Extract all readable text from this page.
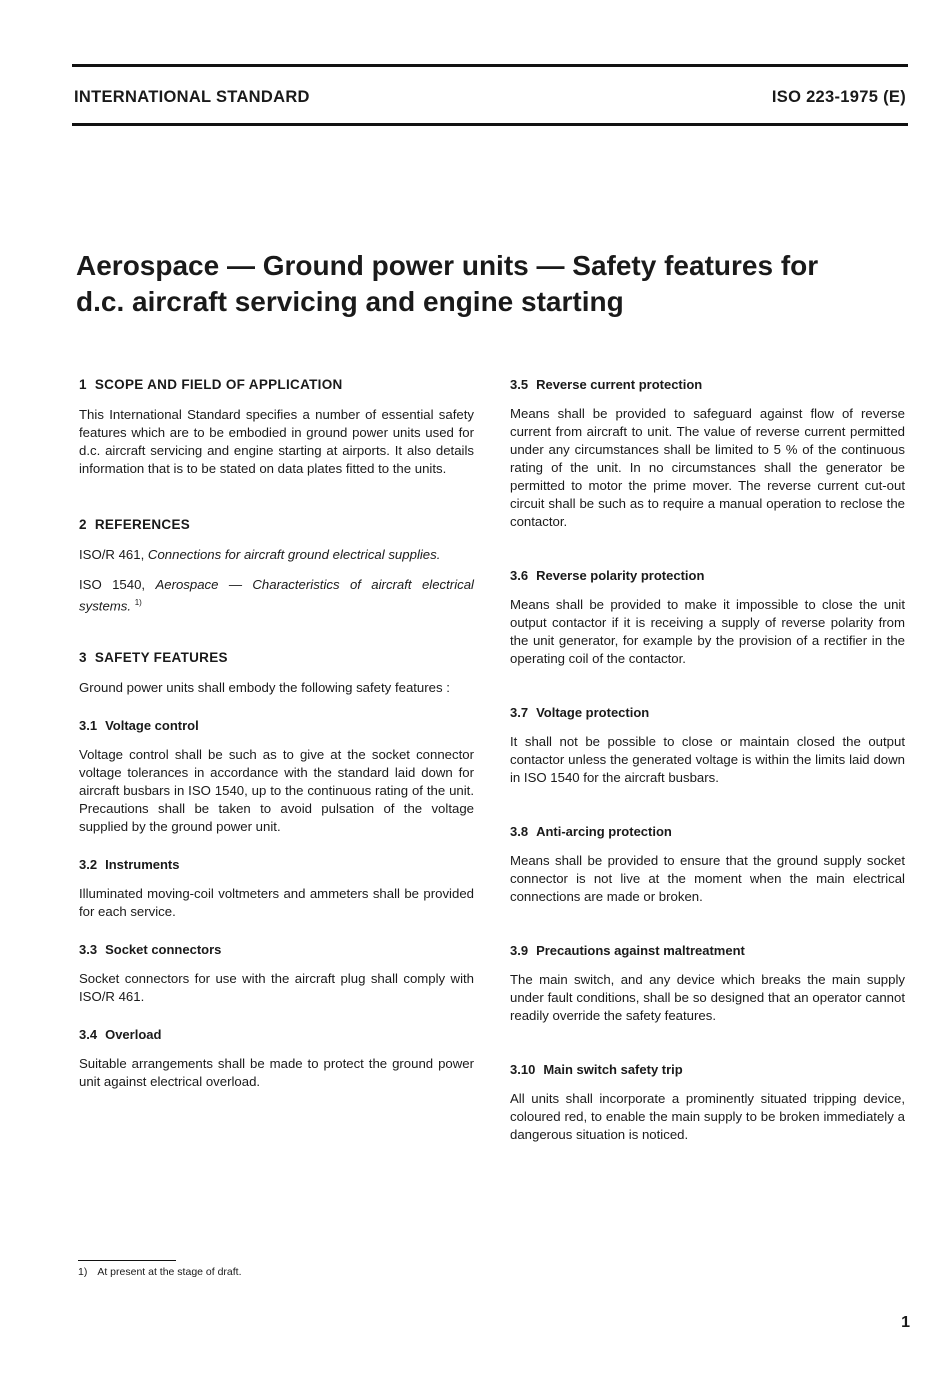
INTERNATIONAL STANDARD	ISO 223-1975 (E)
Aerospace — Ground power units — Safety features for
d.c. aircraft servicing and engine starting
1 SCOPE AND FIELD OF APPLICATION

This International Standard specifies a number of essential safety features which are to be embodied in ground power units used for d.c. aircraft servicing and engine starting at airports. It also details information that is to be stated on data plates fitted to the units.

2 REFERENCES

ISO/R 461, Connections for aircraft ground electrical supplies.

ISO 1540, Aerospace — Characteristics of aircraft electrical systems. $^{1)}$

3 SAFETY FEATURES

Ground power units shall embody the following safety features :

3.1 Voltage control

Voltage control shall be such as to give at the socket connector voltage tolerances in accordance with the standard laid down for aircraft busbars in ISO 1540, up to the continuous rating of the unit. Precautions shall be taken to avoid pulsation of the voltage supplied by the ground power unit.

3.2 Instruments

Illuminated moving-coil voltmeters and ammeters shall be provided for each service.

3.3 Socket connectors

Socket connectors for use with the aircraft plug shall comply with ISO/R 461.

3.4 Overload

Suitable arrangements shall be made to protect the ground power unit against electrical overload.

3.5 Reverse current protection

Means shall be provided to safeguard against flow of reverse current from aircraft to unit. The value of reverse current permitted under any circumstances shall be limited to 5 % of the continuous rating of the unit. In no circumstances shall the generator be permitted to motor the prime mover. The reverse current cut-out circuit shall be such as to require a manual operation to reclose the contactor.

3.6 Reverse polarity protection

Means shall be provided to make it impossible to close the unit output contactor if it is receiving a supply of reverse polarity from the unit generator, for example by the provision of a rectifier in the operating coil of the contactor.

3.7 Voltage protection

It shall not be possible to close or maintain closed the output contactor unless the generated voltage is within the limits laid down in ISO 1540 for the aircraft busbars.

3.8 Anti-arcing protection

Means shall be provided to ensure that the ground supply socket connector is not live at the moment when the main electrical connections are made or broken.

3.9 Precautions against maltreatment

The main switch, and any device which breaks the main supply under fault conditions, shall be so designed that an operator cannot readily override the safety features.

3.10 Main switch safety trip

All units shall incorporate a prominently situated tripping device, coloured red, to enable the main supply to be broken immediately a dangerous situation is noticed.

1) At present at the stage of draft.
1
